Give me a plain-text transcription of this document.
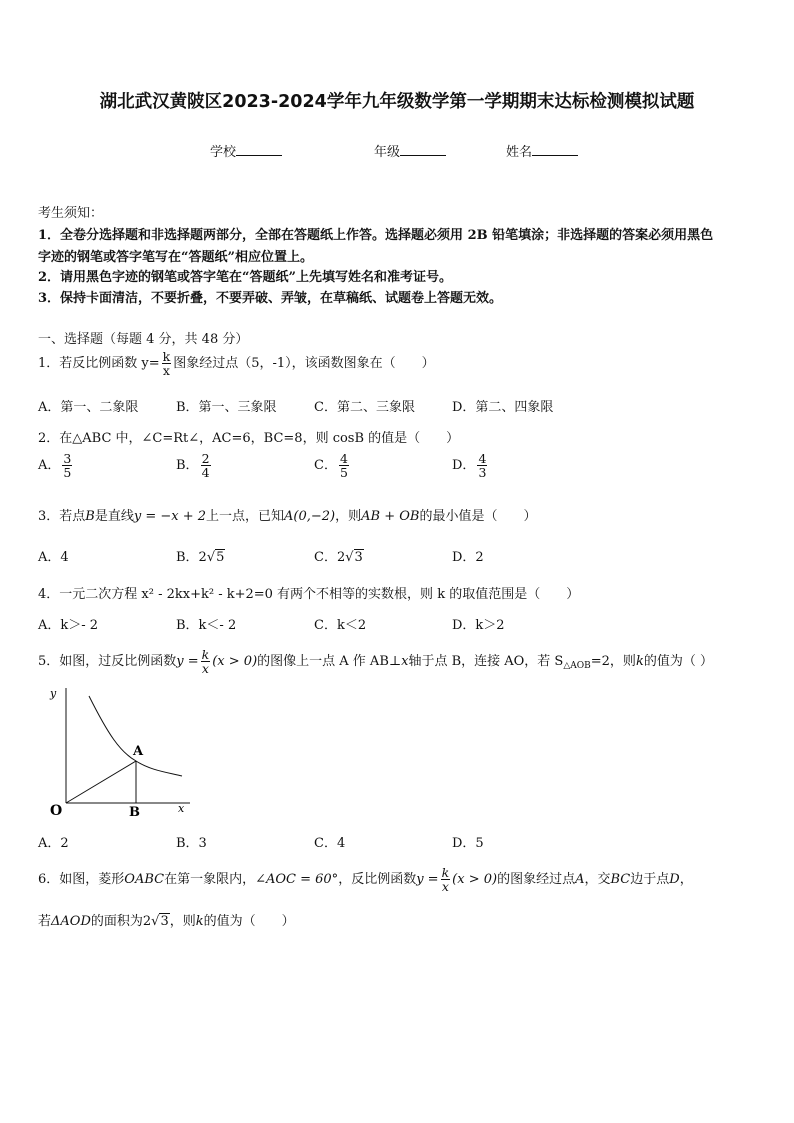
湖北武汉黄陂区2023-2024学年九年级数学第一学期期末达标检测模拟试题
学校	年级	姓名
考生须知：
1．全卷分选择题和非选择题两部分，全部在答题纸上作答。选择题必须用 2B 铅笔填涂；非选择题的答案必须用黑色
字迹的钢笔或答字笔写在“答题纸”相应位置上。
2．请用黑色字迹的钢笔或答字笔在“答题纸”上先填写姓名和准考证号。
3．保持卡面清洁，不要折叠，不要弄破、弄皱，在草稿纸、试题卷上答题无效。
一、选择题（每题 4 分，共 48 分）
1．若反比例函数 $y= \frac{k}{x}$ 图象经过点（5，-1），该函数图象在（　　）
A．第一、二象限	B．第一、三象限	C．第二、三象限	D．第二、四象限
2．在△ABC 中，∠C=Rt∠，AC=6，BC=8，则 cosB 的值是（　　）
A． $\frac{3}{5}$	B． $\frac{2}{4}$	C． $\frac{4}{5}$	D． $\frac{4}{3}$
3．若点B是直线y = −x + 2上一点，已知A(0,−2)，则AB + OB的最小值是（　　）
A．4	B．2√5	C．2√3	D．2
4．一元二次方程 x² - 2kx+k² - k+2=0 有两个不相等的实数根，则 k 的取值范围是（　　）
A．k＞- 2	B．k＜- 2	C．k＜2	D．k＞2
5．如图，过反比例函数$y = \frac{k}{x} (x > 0)$的图像上一点 A 作 AB⊥x轴于点 B，连接 AO，若 $S_{\triangle AOB}=2$，则k的值为（ ）
y
x
O
A
B
A．2	B．3	C．4	D．5
6．如图，菱形OABC在第一象限内，∠AOC = 60°，反比例函数$y = \frac{k}{x} (x > 0)$的图象经过点A，交BC边于点D，
若ΔAOD的面积为2√3，则k的值为（　　）
